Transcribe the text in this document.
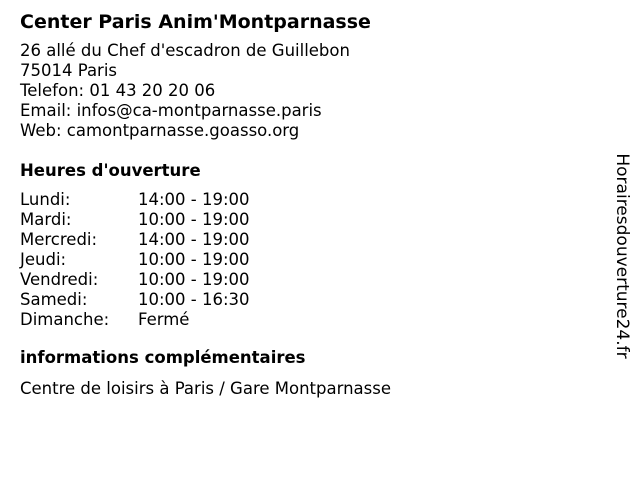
Center Paris Anim'Montparnasse
26 allé du Chef d'escadron de Guillebon
75014 Paris
Telefon: 01 43 20 20 06
Email: infos@ca-montparnasse.paris
Web: camontparnasse.goasso.org
Heures d'ouverture
Lundi:	14:00 - 19:00
Mardi:	10:00 - 19:00
Mercredi:	14:00 - 19:00
Jeudi:	10:00 - 19:00
Vendredi:	10:00 - 19:00
Samedi:	10:00 - 16:30
Dimanche:	Fermé
informations complémentaires
Centre de loisirs à Paris / Gare Montparnasse
Horairesdouverture24.fr
